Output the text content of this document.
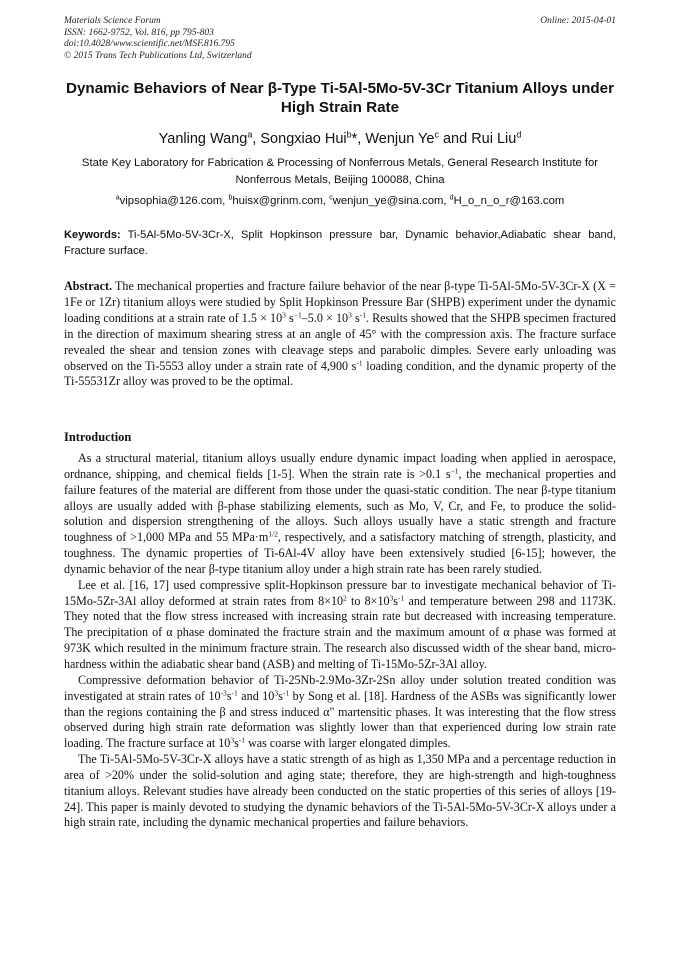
Materials Science Forum
ISSN: 1662-9752, Vol. 816, pp 795-803
doi:10.4028/www.scientific.net/MSF.816.795
© 2015 Trans Tech Publications Ltd, Switzerland
Online: 2015-04-01
Dynamic Behaviors of Near β-Type Ti-5Al-5Mo-5V-3Cr Titanium Alloys under High Strain Rate
Yanling Wang$^a$, Songxiao Hui$^b$*, Wenjun Ye$^c$ and Rui Liu$^d$
State Key Laboratory for Fabrication & Processing of Nonferrous Metals, General Research Institute for Nonferrous Metals, Beijing 100088, China
$^a$vipsophia@126.com, $^b$huisx@grinm.com, $^c$wenjun_ye@sina.com, $^d$H_o_n_o_r@163.com
Keywords: Ti-5Al-5Mo-5V-3Cr-X, Split Hopkinson pressure bar, Dynamic behavior,Adiabatic shear band, Fracture surface.

Abstract. The mechanical properties and fracture failure behavior of the near β-type Ti-5Al-5Mo-5V-3Cr-X (X = 1Fe or 1Zr) titanium alloys were studied by Split Hopkinson Pressure Bar (SHPB) experiment under the dynamic loading conditions at a strain rate of $1.5 \times 10^3$ $s^{-1}-5.0 \times 10^3$ $s^{-1}$. Results showed that the SHPB specimen fractured in the direction of maximum shearing stress at an angle of 45° with the compression axis. The fracture surface revealed the shear and tension zones with cleavage steps and parabolic dimples. Severe early unloading was observed on the Ti-5553 alloy under a strain rate of 4,900 $s^{-1}$ loading condition, and the dynamic property of the Ti-55531Zr alloy was proved to be the optimal.

Introduction

As a structural material, titanium alloys usually endure dynamic impact loading when applied in aerospace, ordnance, shipping, and chemical fields [1-5]. When the strain rate is >0.1 $s^{-1}$, the mechanical properties and failure features of the material are different from those under the quasi-static condition. The near β-type titanium alloys are usually added with β-phase stabilizing elements, such as Mo, V, Cr, and Fe, to produce the solid-solution and dispersion strengthening of the alloys. Such alloys usually have a static strength and fracture toughness of >1,000 MPa and 55 $MPa\cdot m^{1/2}$, respectively, and a satisfactory matching of strength, plasticity, and toughness. The dynamic properties of Ti-6Al-4V alloy have been extensively studied [6-15]; however, the dynamic behavior of the near β-type titanium alloy under a high strain rate has been rarely studied.

Lee et al. [16, 17] used compressive split-Hopkinson pressure bar to investigate mechanical behavior of Ti-15Mo-5Zr-3Al alloy deformed at strain rates from $8\times 10^2$ to $8\times 10^3s^{-1}$ and temperature between 298 and 1173K. They noted that the flow stress increased with increasing strain rate but decreased with increasing temperature. The precipitation of α phase dominated the fracture strain and the maximum amount of α phase was formed at 973K which resulted in the minimum fracture strain. The research also discussed width of the shear band, micro-hardness within the adiabatic shear band (ASB) and melting of Ti-15Mo-5Zr-3Al alloy.

Compressive deformation behavior of Ti-25Nb-2.9Mo-3Zr-2Sn alloy under solution treated condition was investigated at strain rates of $10^{-3}s^{-1}$ and $10^3s^{-1}$ by Song et al. [18]. Hardness of the ASBs was significantly lower than the regions containing the β and stress induced α" martensitic phases. It was interesting that the flow stress observed during high strain rate deformation was slightly lower than that experienced during low strain rate loading. The fracture surface at $10^3s^{-1}$ was coarse with larger elongated dimples.

The Ti-5Al-5Mo-5V-3Cr-X alloys have a static strength of as high as 1,350 MPa and a percentage reduction in area of >20% under the solid-solution and aging state; therefore, they are high-strength and high-toughness titanium alloys. Relevant studies have already been conducted on the static properties of this series of alloys [19-24]. This paper is mainly devoted to studying the dynamic behaviors of the Ti-5Al-5Mo-5V-3Cr-X alloys under a high strain rate, including the dynamic mechanical properties and failure behaviors.
